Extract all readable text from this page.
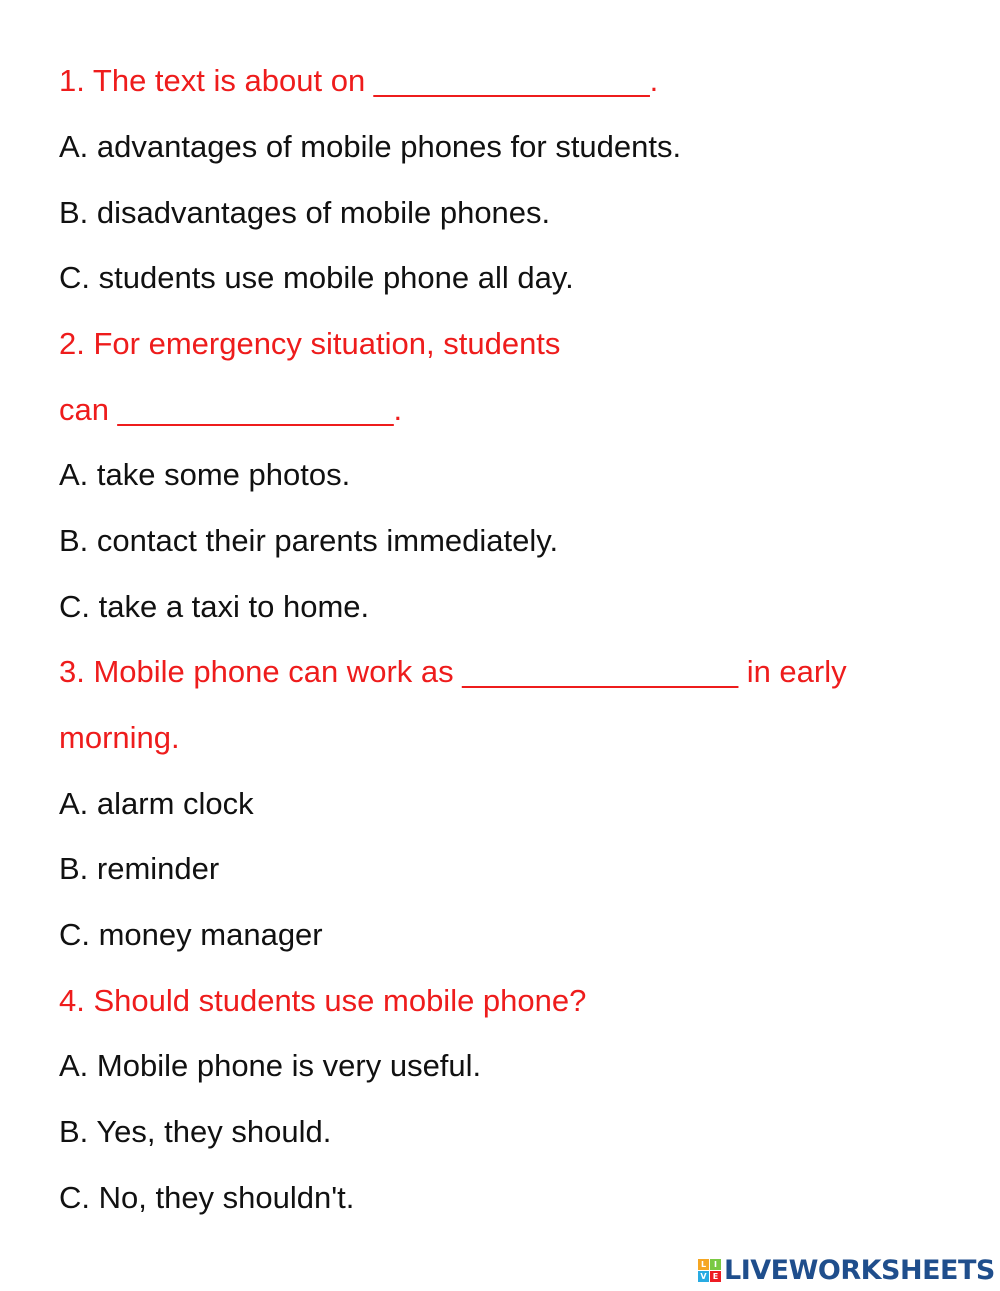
1. The text is about on ________________.
A. advantages of mobile phones for students.
B. disadvantages of mobile phones.
C. students use mobile phone all day.
2. For emergency situation, students
can ________________.
A. take some photos.
B. contact their parents immediately.
C. take a taxi to home.
3. Mobile phone can work as ________________ in early
morning.
A. alarm clock
B. reminder
C. money manager
4. Should students use mobile phone?
A. Mobile phone is very useful.
B. Yes, they should.
C. No, they shouldn't.
L I
V E LIVEWORKSHEETS
